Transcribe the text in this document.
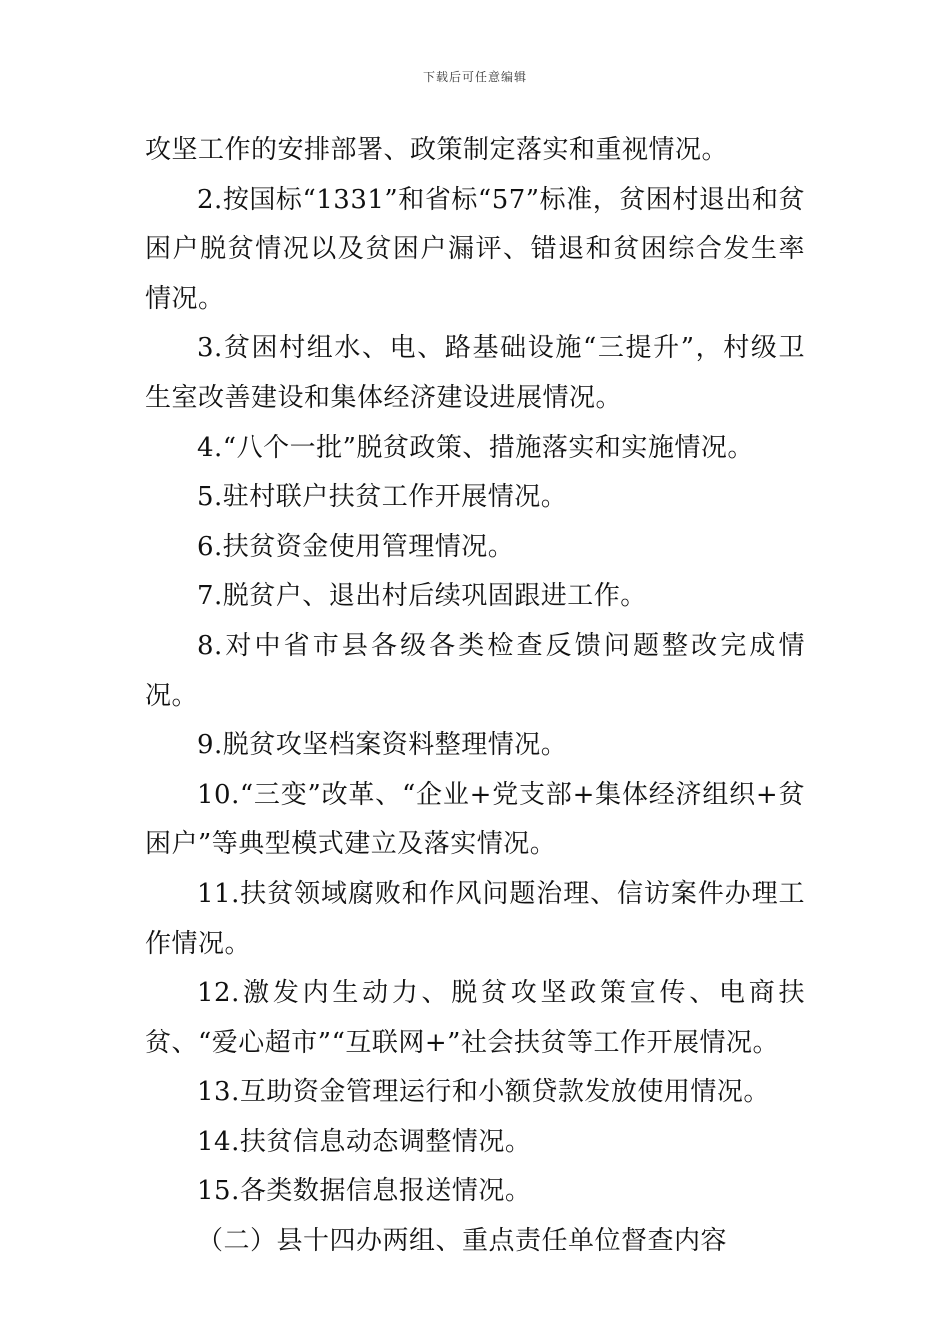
下载后可任意编辑

攻坚工作的安排部署、政策制定落实和重视情况。

2.按国标“1331”和省标“57”标准，贫困村退出和贫困户脱贫情况以及贫困户漏评、错退和贫困综合发生率情况。

3.贫困村组水、电、路基础设施“三提升”，村级卫生室改善建设和集体经济建设进展情况。

4.“八个一批”脱贫政策、措施落实和实施情况。

5.驻村联户扶贫工作开展情况。

6.扶贫资金使用管理情况。

7.脱贫户、退出村后续巩固跟进工作。

8.对中省市县各级各类检查反馈问题整改完成情况。

9.脱贫攻坚档案资料整理情况。

10.“三变”改革、“企业+党支部+集体经济组织+贫困户”等典型模式建立及落实情况。

11.扶贫领域腐败和作风问题治理、信访案件办理工作情况。

12.激发内生动力、脱贫攻坚政策宣传、电商扶贫、“爱心超市”“互联网+”社会扶贫等工作开展情况。

13.互助资金管理运行和小额贷款发放使用情况。

14.扶贫信息动态调整情况。

15.各类数据信息报送情况。

（二）县十四办两组、重点责任单位督查内容
